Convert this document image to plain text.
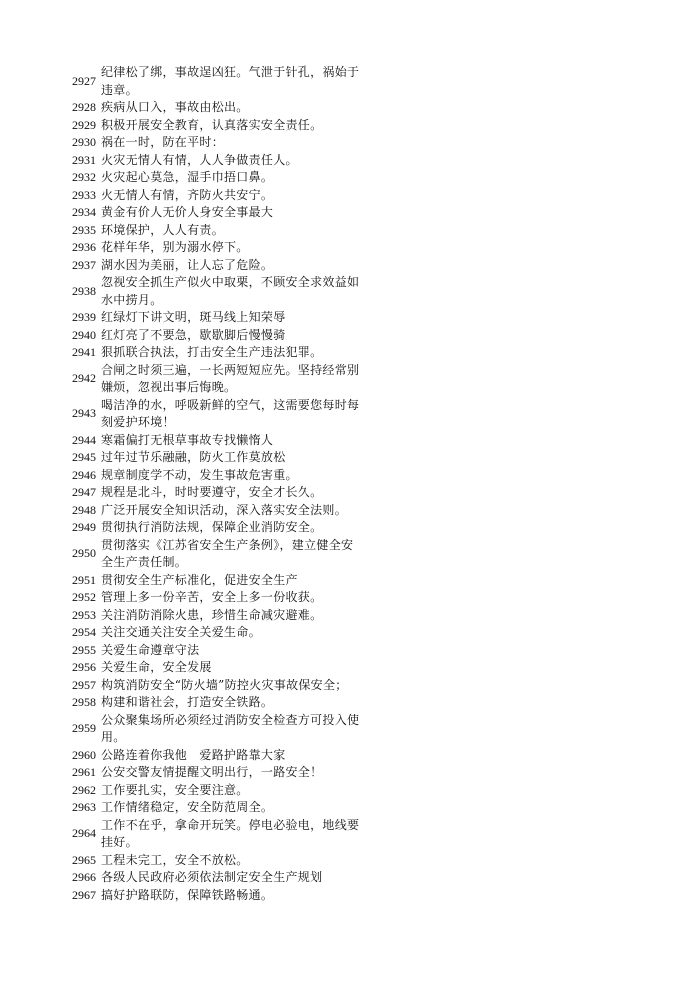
2927
纪律松了绑，事故逞凶狂。气泄于针孔，祸始于违章。
2928 疾病从口入，事故由松出。
2929 积极开展安全教育，认真落实安全责任。
2930 祸在一时，防在平时：
2931 火灾无情人有情，人人争做责任人。
2932 火灾起心莫急，湿手巾捂口鼻。
2933 火无情人有情，齐防火共安宁。
2934 黄金有价人无价人身安全事最大
2935 环境保护，人人有责。
2936 花样年华，别为溺水停下。
2937 湖水因为美丽，让人忘了危险。
2938
忽视安全抓生产似火中取栗，不顾安全求效益如水中捞月。
2939 红绿灯下讲文明，斑马线上知荣辱
2940 红灯亮了不要急，歇歇脚后慢慢骑
2941 狠抓联合执法，打击安全生产违法犯罪。
2942
合闸之时须三遍，一长两短短应先。坚持经常别嫌烦，忽视出事后悔晚。
2943
喝洁净的水，呼吸新鲜的空气，这需要您每时每刻爱护环境！
2944 寒霜偏打无根草事故专找懒惰人
2945 过年过节乐融融，防火工作莫放松
2946 规章制度学不动，发生事故危害重。
2947 规程是北斗，时时要遵守，安全才长久。
2948 广泛开展安全知识活动，深入落实安全法则。
2949 贯彻执行消防法规，保障企业消防安全。
2950
贯彻落实《江苏省安全生产条例》，建立健全安全生产责任制。
2951 贯彻安全生产标准化，促进安全生产
2952 管理上多一份辛苦，安全上多一份收获。
2953 关注消防消除火患，珍惜生命减灾避难。
2954 关注交通关注安全关爱生命。
2955 关爱生命遵章守法
2956 关爱生命，安全发展
2957 构筑消防安全“防火墙”防控火灾事故保安全；
2958 构建和谐社会，打造安全铁路。
2959
公众聚集场所必须经过消防安全检查方可投入使用。
2960 公路连着你我他　爱路护路靠大家
2961 公安交警友情提醒文明出行，一路安全！
2962 工作要扎实，安全要注意。
2963 工作情绪稳定，安全防范周全。
2964
工作不在乎，拿命开玩笑。停电必验电，地线要挂好。
2965 工程未完工，安全不放松。
2966 各级人民政府必须依法制定安全生产规划
2967 搞好护路联防，保障铁路畅通。
